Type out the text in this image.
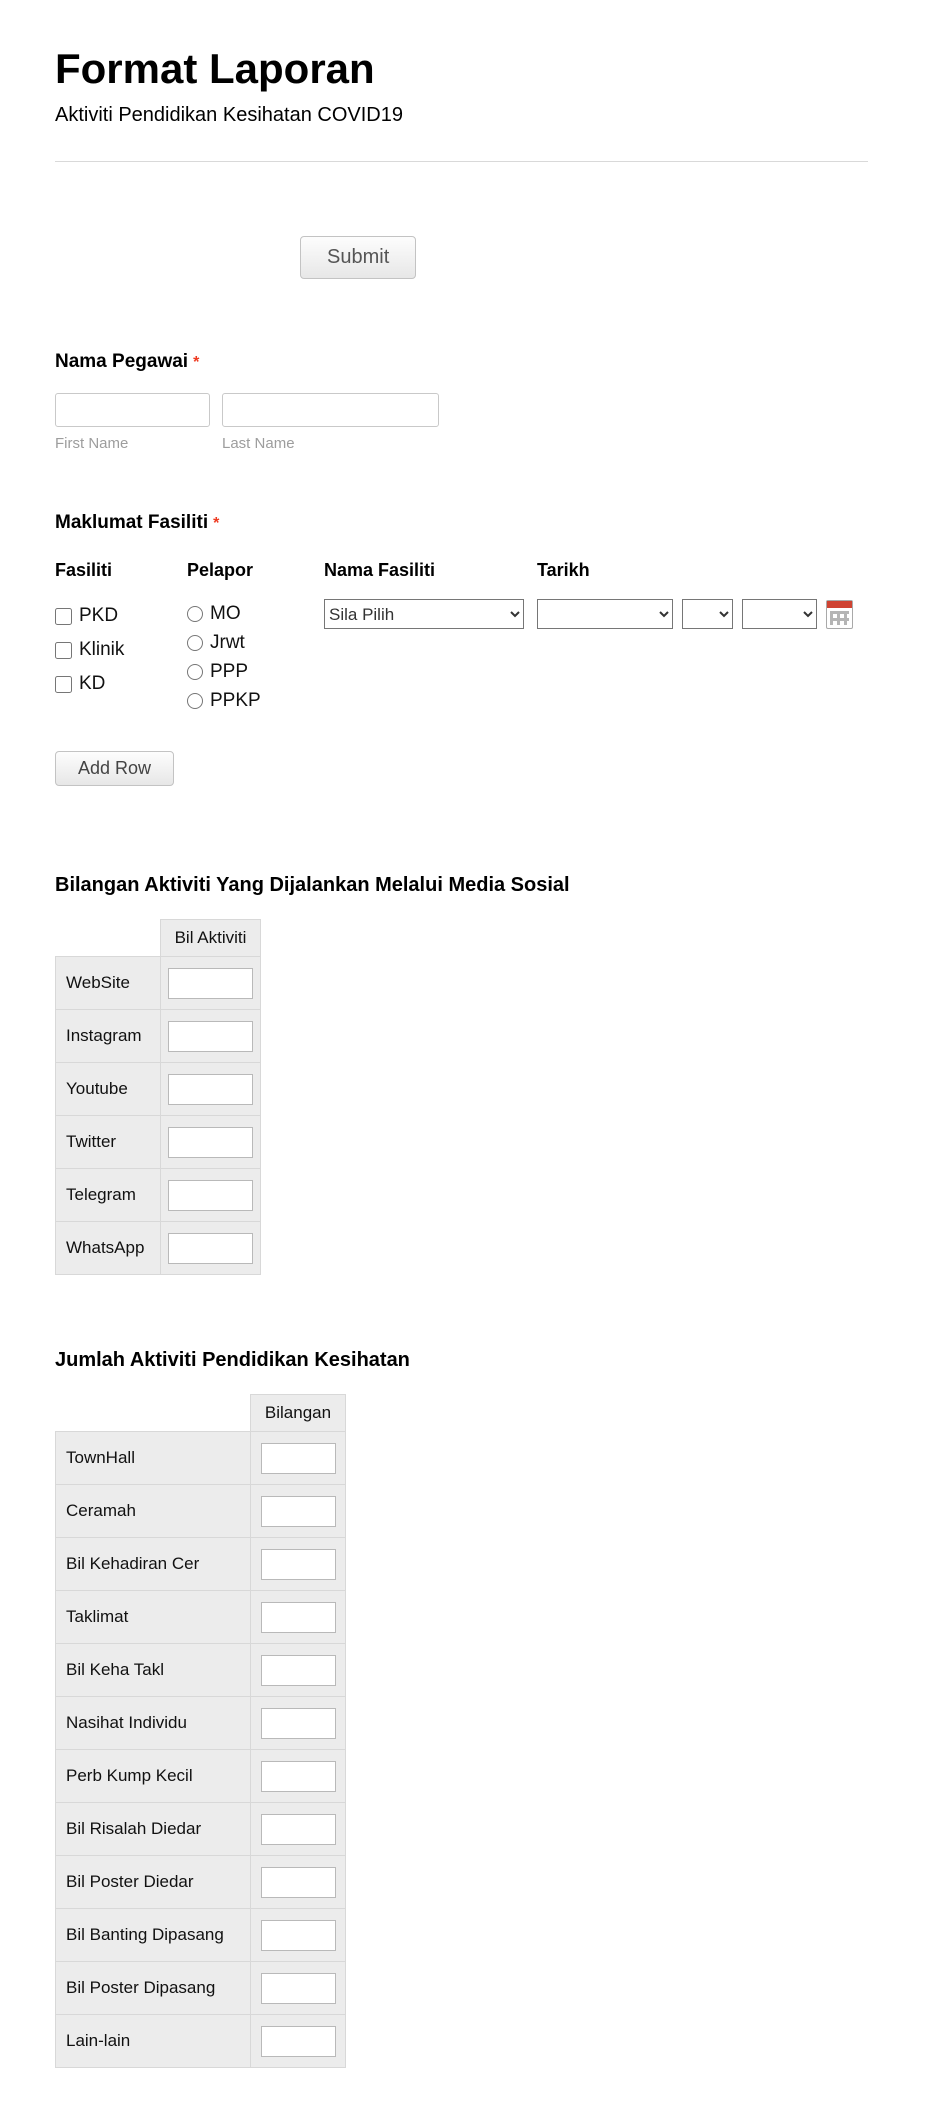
Format Laporan
Aktiviti Pendidikan Kesihatan COVID19
Submit
Nama Pegawai *
First Name	Last Name
Maklumat Fasiliti *
Fasiliti	Pelapor	Nama Fasiliti	Tarikh
PKD
Klinik
KD
MO
Jrwt
PPP
PPKP
Sila Pilih
Add Row
Bilangan Aktiviti Yang Dijalankan Melalui Media Sosial
	Bil Aktiviti
WebSite	
Instagram	
Youtube	
Twitter	
Telegram	
WhatsApp	
Jumlah Aktiviti Pendidikan Kesihatan
	Bilangan
TownHall	
Ceramah	
Bil Kehadiran Cer	
Taklimat	
Bil Keha Takl	
Nasihat Individu	
Perb Kump Kecil	
Bil Risalah Diedar	
Bil Poster Diedar	
Bil Banting Dipasang	
Bil Poster Dipasang	
Lain-lain	
